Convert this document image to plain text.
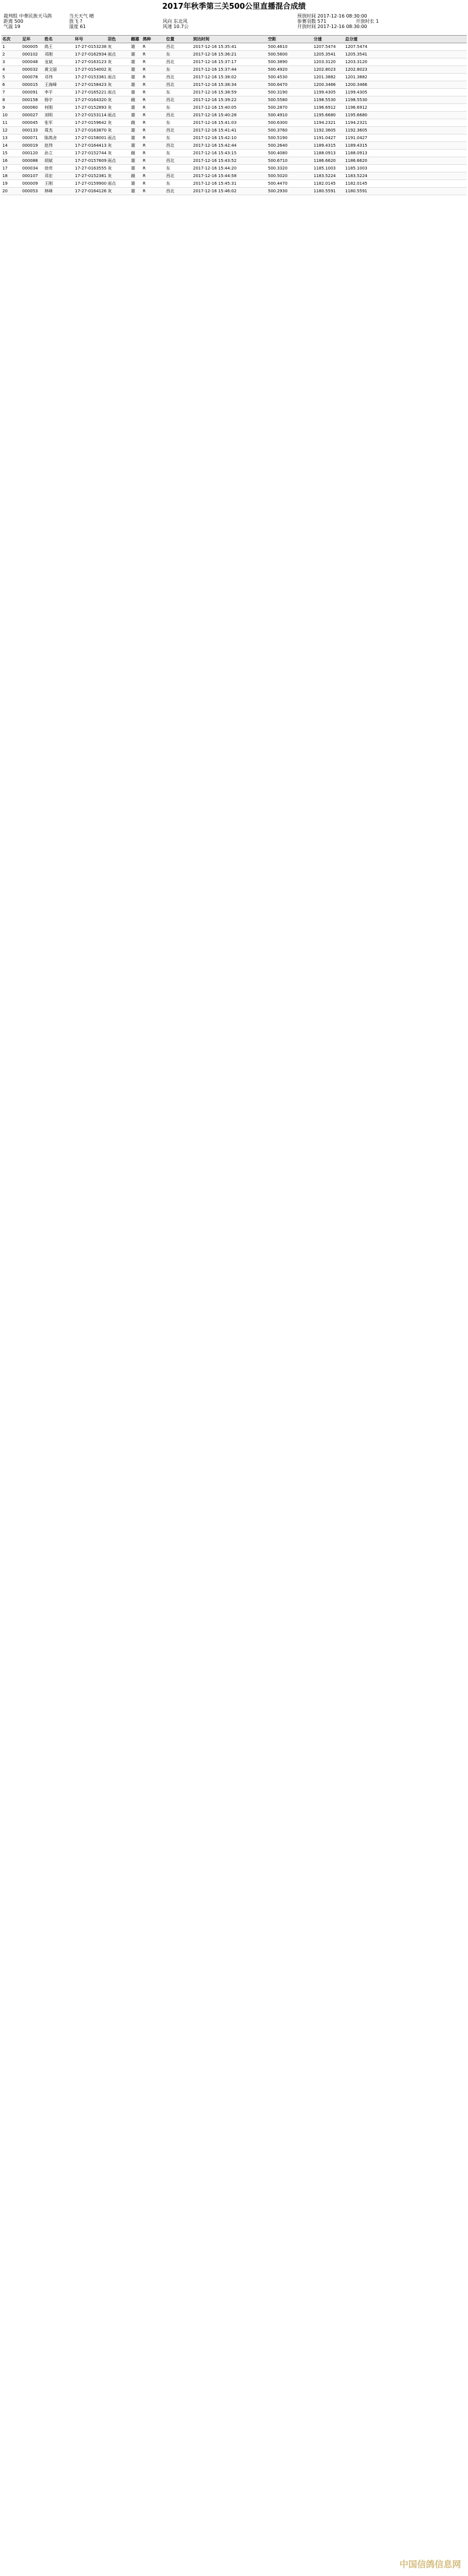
2017年秋季第三关500公里直播混合成绩
裁判组 中華民族天马鸽	当天天气 晴	预放时间 2017-12-16 08:30:00
距离 500	放飞 ?	风向 东北风	参赛羽数 571	开放时长 1
气温 19	湿度 61	风速 10.7公	开放时间 2017-12-16 08:30:00
名次	足环	姓名	环号	羽色	雌雄 鸽种	位置	到达时间	空距	分速	总分速
1	000005	鸽王	17-27-0153238 灰	雄	R	西北	2017-12-16 15:35:41	500.4610	1207.5474	1207.5474
2	000102	邓刚	17-27-0162934 雨点	雄	R	东	2017-12-16 15:36:21	500.5600	1205.3541	1205.3541
3	000048	龙斌	17-27-0163123 灰	雄	R	西北	2017-12-16 15:37:17	500.3890	1203.3120	1203.3120
4	000032	黄文丽	17-27-0154002 灰	雄	R	东	2017-12-16 15:37:44	500.4920	1202.8023	1202.8023
5	000078	邓伟	17-27-0153361 雨点	雄	R	西北	2017-12-16 15:38:02	500.4530	1201.3882	1201.3882
6	000015	王海峰	17-27-0158423 灰	雄	R	西北	2017-12-16 15:38:34	500.6470	1200.3466	1200.3466
7	000091	李平	17-27-0165221 雨点	雄	R	东	2017-12-16 15:38:59	500.3190	1199.4305	1199.4305
8	000158	杨宇	17-27-0164320 灰	雌	R	西北	2017-12-16 15:39:22	500.5580	1198.5530	1198.5530
9	000060	何刚	17-27-0152893 灰	雄	R	东	2017-12-16 15:40:05	500.2870	1196.6912	1196.6912
10	000027	刘明	17-27-0153114 雨点	雄	R	西北	2017-12-16 15:40:28	500.4910	1195.6680	1195.6680
11	000045	张军	17-27-0159642 灰	雌	R	东	2017-12-16 15:41:03	500.6300	1194.2321	1194.2321
12	000133	周杰	17-27-0163870 灰	雄	R	西北	2017-12-16 15:41:41	500.3760	1192.3605	1192.3605
13	000071	陈鸽舍	17-27-0158001 雨点	雄	R	东	2017-12-16 15:42:10	500.5190	1191.0427	1191.0427
14	000019	赵伟	17-27-0164413 灰	雄	R	西北	2017-12-16 15:42:44	500.2640	1189.4315	1189.4315
15	000120	孙立	17-27-0152744 灰	雌	R	东	2017-12-16 15:43:15	500.4080	1188.0913	1188.0913
16	000088	胡斌	17-27-0157609 雨点	雄	R	西北	2017-12-16 15:43:52	500.6710	1186.6620	1186.6620
17	000034	徐亮	17-27-0163555 灰	雄	R	东	2017-12-16 15:44:20	500.3320	1185.1003	1185.1003
18	000107	邓宏	17-27-0152381 灰	雌	R	西北	2017-12-16 15:44:58	500.5020	1183.5224	1183.5224
19	000009	王刚	17-27-0159900 雨点	雄	R	东	2017-12-16 15:45:31	500.4470	1182.0145	1182.0145
20	000053	林峰	17-27-0164126 灰	雄	R	西北	2017-12-16 15:46:02	500.2930	1180.5591	1180.5591
中国信鸽信息网
